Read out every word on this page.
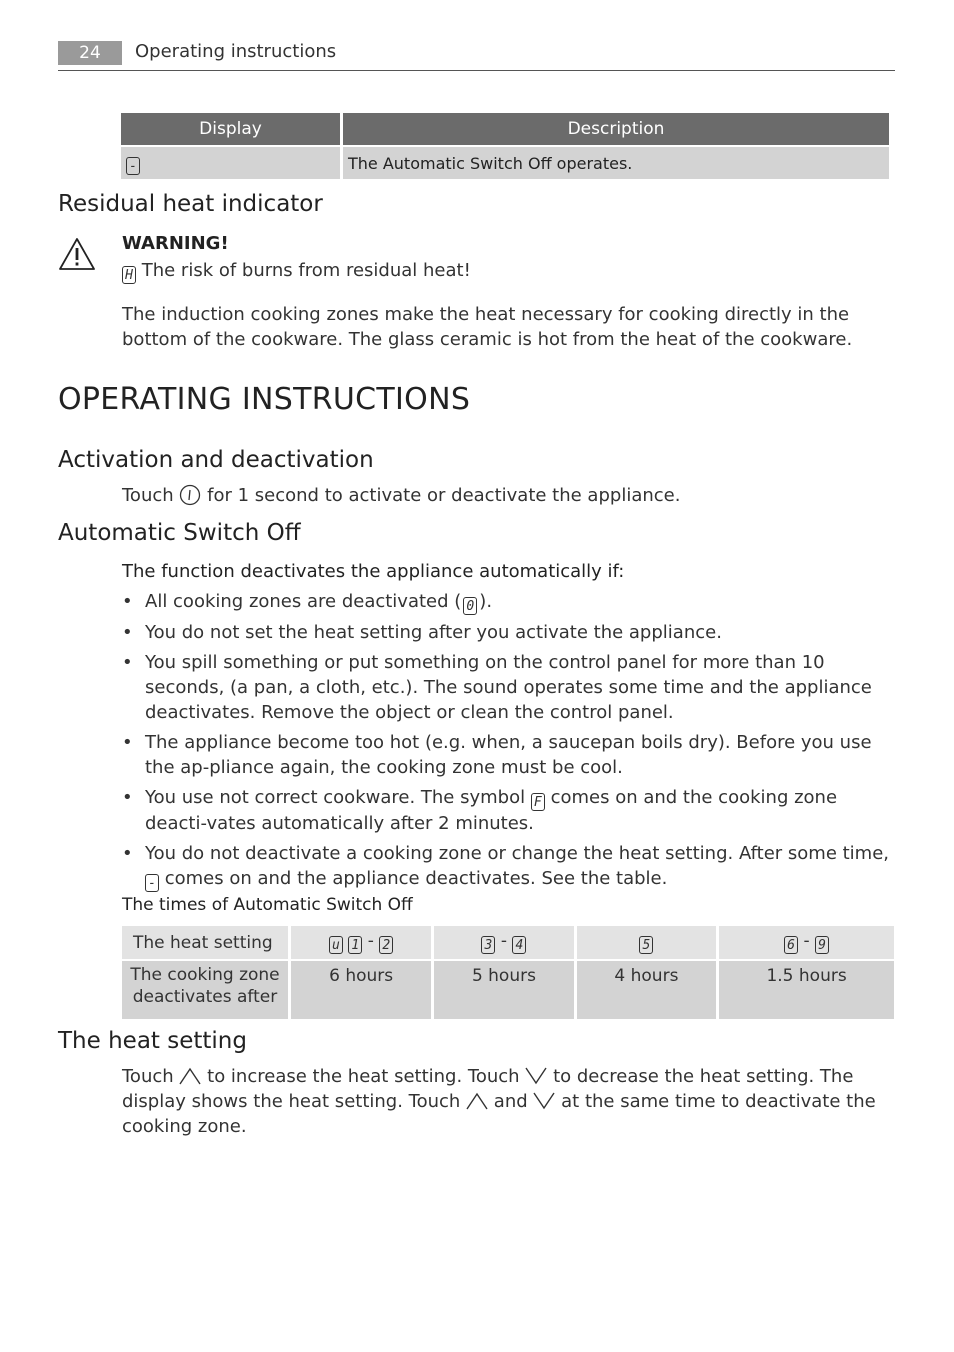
24	Operating instructions
Display	Description
-	The Automatic Switch Off operates.
Residual heat indicator
WARNING!
H The risk of burns from residual heat!
The induction cooking zones make the heat necessary for cooking directly in the bottom of the cookware. The glass ceramic is hot from the heat of the cookware.
OPERATING INSTRUCTIONS
Activation and deactivation
Touch for 1 second to activate or deactivate the appliance.
Automatic Switch Off
The function deactivates the appliance automatically if:
• All cooking zones are deactivated ( 0 ).
• You do not set the heat setting after you activate the appliance.
• You spill something or put something on the control panel for more than 10 seconds, (a pan, a cloth, etc.). The sound operates some time and the appliance deactivates. Remove the object or clean the control panel.
• The appliance become too hot (e.g. when, a saucepan boils dry). Before you use the ap-pliance again, the cooking zone must be cool.
• You use not correct cookware. The symbol F comes on and the cooking zone deacti-vates automatically after 2 minutes.
• You do not deactivate a cooking zone or change the heat setting. After some time, - comes on and the appliance deactivates. See the table.
The times of Automatic Switch Off
The heat setting	u 1 - 2	3 - 4	5	6 - 9
The cooking zone deactivates after	6 hours	5 hours	4 hours	1.5 hours
The heat setting
Touch to increase the heat setting. Touch to decrease the heat setting. The display shows the heat setting. Touch and at the same time to deactivate the cooking zone.
